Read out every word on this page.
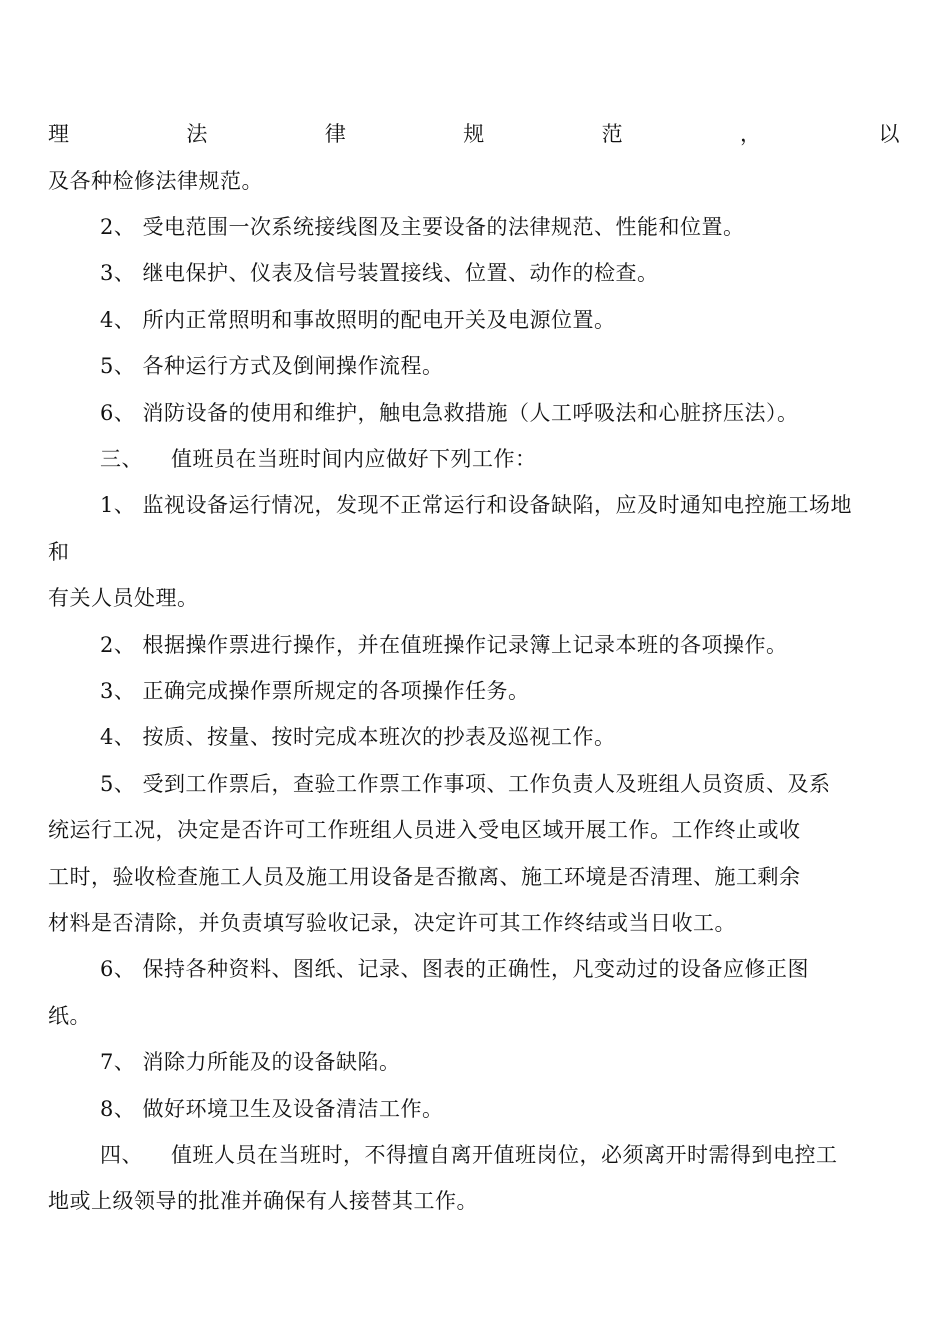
理	法	律	规	范	，	以
及各种检修法律规范。
2、 受电范围一次系统接线图及主要设备的法律规范、性能和位置。
3、 继电保护、仪表及信号装置接线、位置、动作的检查。
4、 所内正常照明和事故照明的配电开关及电源位置。
5、 各种运行方式及倒闸操作流程。
6、 消防设备的使用和维护，触电急救措施（人工呼吸法和心脏挤压法）。
三、 值班员在当班时间内应做好下列工作：
1、 监视设备运行情况，发现不正常运行和设备缺陷，应及时通知电控施工场地
和
有关人员处理。
2、 根据操作票进行操作，并在值班操作记录簿上记录本班的各项操作。
3、 正确完成操作票所规定的各项操作任务。
4、 按质、按量、按时完成本班次的抄表及巡视工作。
5、 受到工作票后，查验工作票工作事项、工作负责人及班组人员资质、及系
统运行工况，决定是否许可工作班组人员进入受电区域开展工作。工作终止或收
工时，验收检查施工人员及施工用设备是否撤离、施工环境是否清理、施工剩余
材料是否清除，并负责填写验收记录，决定许可其工作终结或当日收工。
6、 保持各种资料、图纸、记录、图表的正确性，凡变动过的设备应修正图
纸。
7、 消除力所能及的设备缺陷。
8、 做好环境卫生及设备清洁工作。
四、 值班人员在当班时，不得擅自离开值班岗位，必须离开时需得到电控工
地或上级领导的批准并确保有人接替其工作。
